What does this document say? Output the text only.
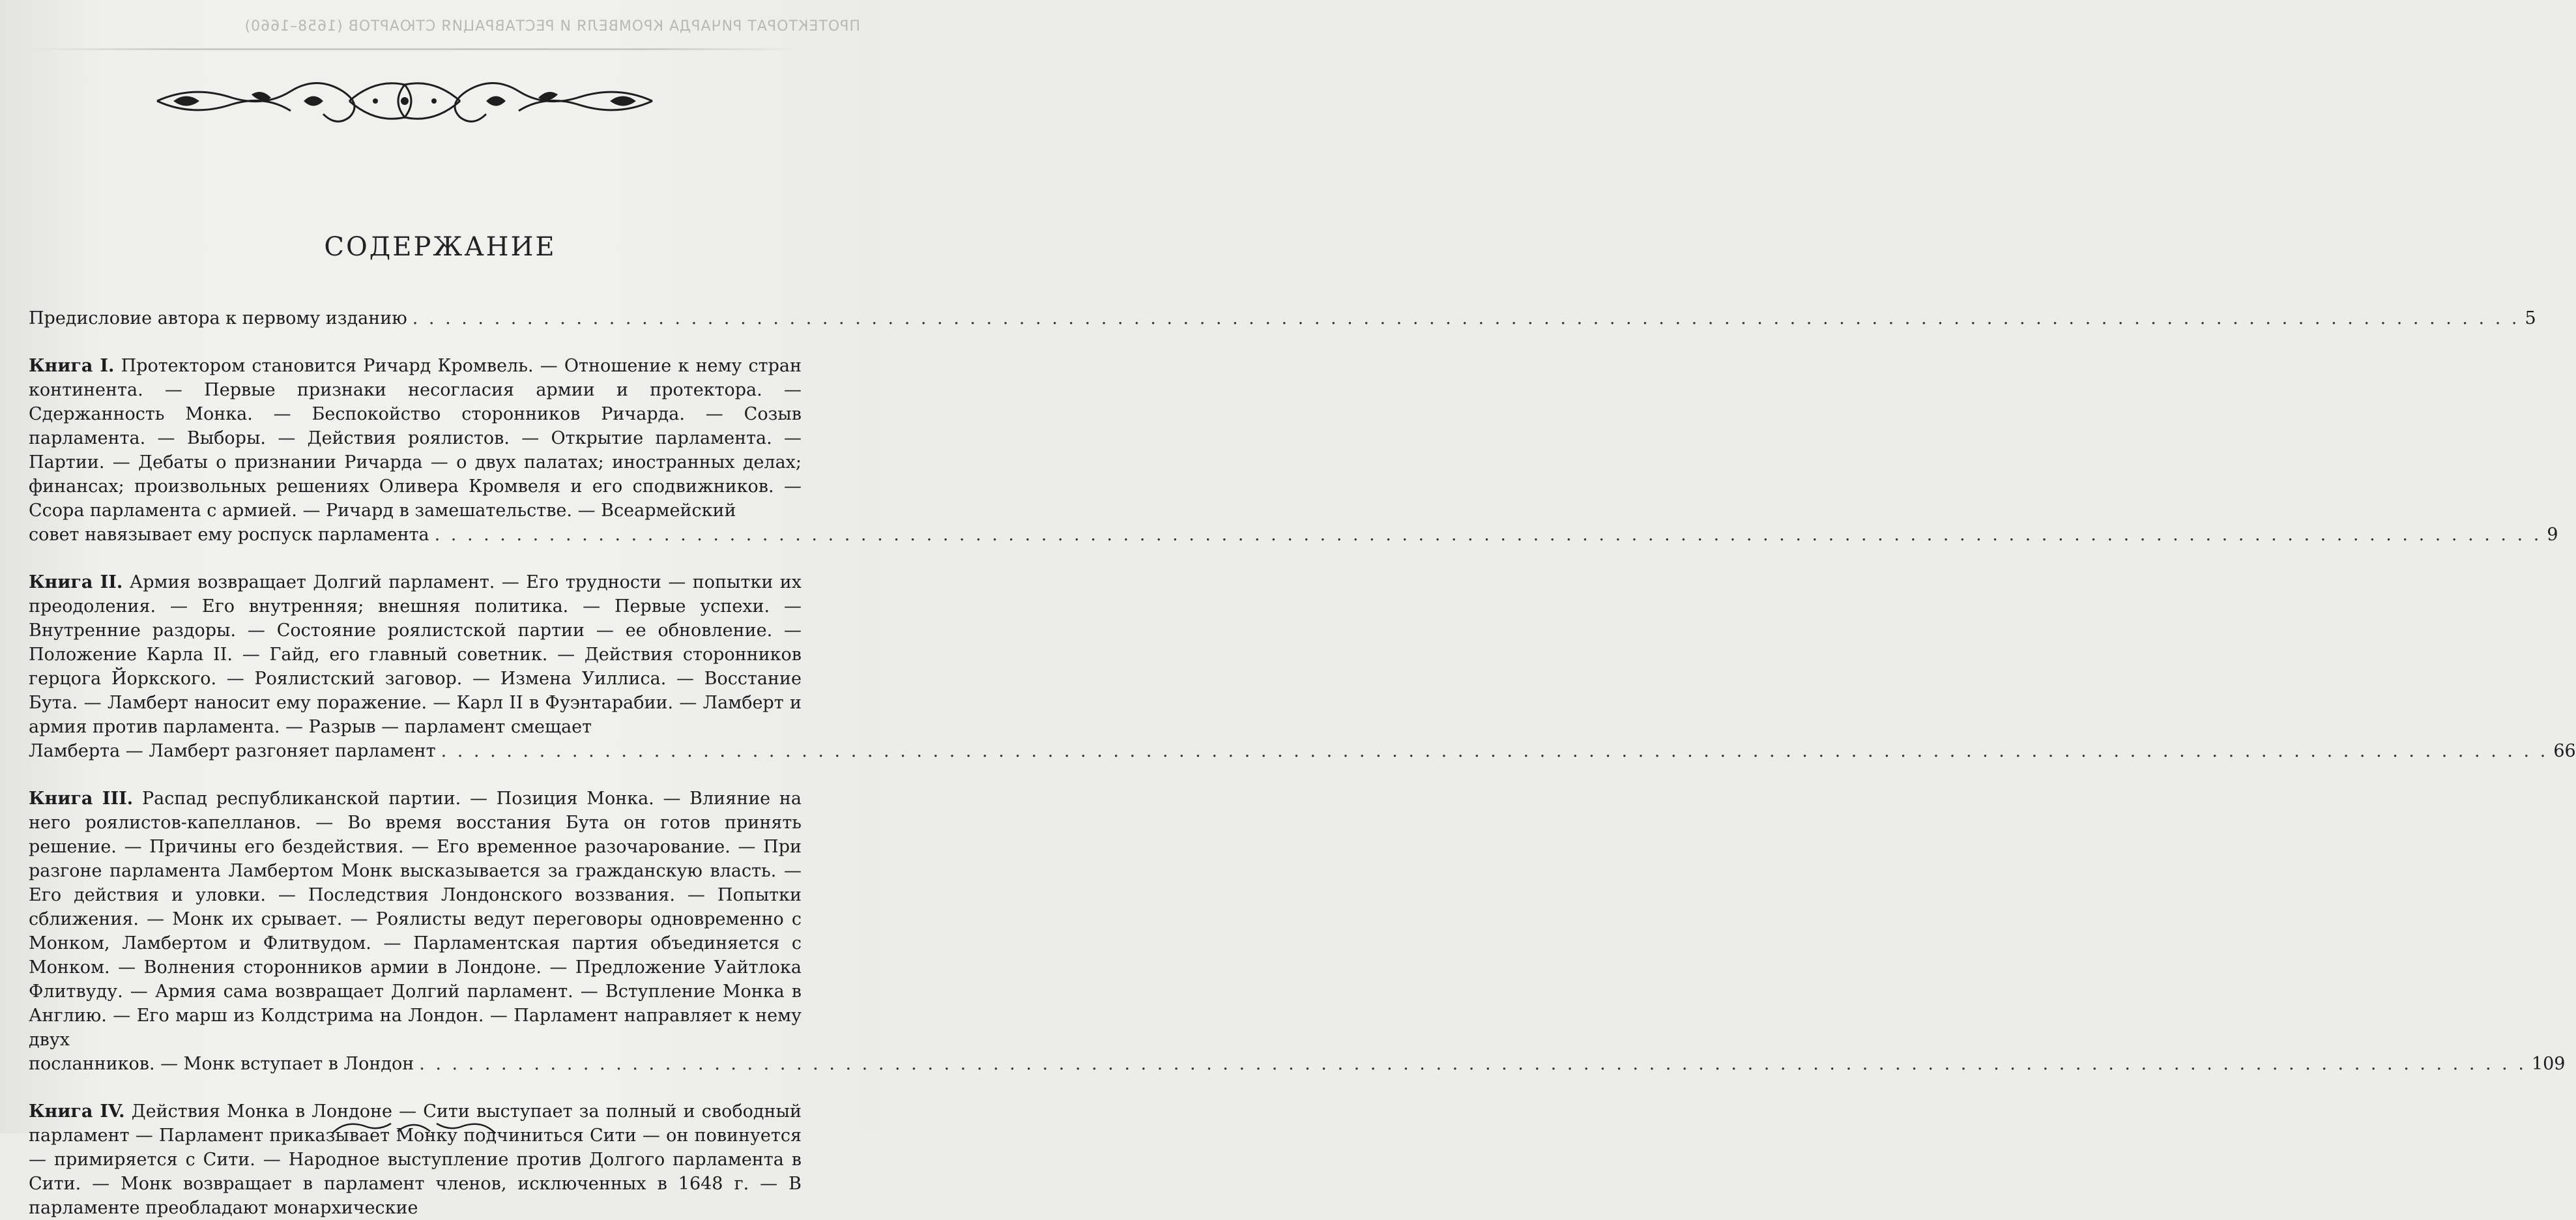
ПРОТЕКТОРАТ РИЧАРДА КРОМВЕЛЯ И РЕСТАВРАЦИЯ СТЮАРТОВ (1658–1660)
СОДЕРЖАНИЕ
Предисловие автора к первому изданию . . .	5
Книга I. Протектором становится Ричард Кромвель. — Отношение к нему стран континента. — Первые признаки несогласия армии и протектора. — Сдержанность Монка. — Беспокойство сторонников Ричарда. — Созыв парламента. — Выборы. — Действия роялистов. — Открытие парламента. — Партии. — Дебаты о признании Ричарда — о двух палатах; иностранных делах; финансах; произвольных решениях Оливера Кромвеля и его сподвижников. — Ссора парламента с армией. — Ричард в замешательстве. — Всеармейский
совет навязывает ему роспуск парламента . . .	9
Книга II. Армия возвращает Долгий парламент. — Его трудности — попытки их преодоления. — Его внутренняя; внешняя политика. — Первые успехи. — Внутренние раздоры. — Состояние роялистской партии — ее обновление. — Положение Карла II. — Гайд, его главный советник. — Действия сторонников герцога Йоркского. — Роялистский заговор. — Измена Уиллиса. — Восстание Бута. — Ламберт наносит ему поражение. — Карл II в Фуэнтарабии. — Ламберт и армия против парламента. — Разрыв — парламент смещает
Ламберта — Ламберт разгоняет парламент . . .	66
Книга III. Распад республиканской партии. — Позиция Монка. — Влияние на него роялистов-капелланов. — Во время восстания Бута он готов принять решение. — Причины его бездействия. — Его временное разочарование. — При разгоне парламента Ламбертом Монк высказывается за гражданскую власть. — Его действия и уловки. — Последствия Лондонского воззвания. — Попытки сближения. — Монк их срывает. — Роялисты ведут переговоры одновременно с Монком, Ламбертом и Флитвудом. — Парламентская партия объединяется с Монком. — Волнения сторонников армии в Лондоне. — Предложение Уайтлока Флитвуду. — Армия сама возвращает Долгий парламент. — Вступление Монка в Англию. — Его марш из Колдстрима на Лондон. — Парламент направляет к нему двух
посланников. — Монк вступает в Лондон . . .	109
Книга IV. Действия Монка в Лондоне — Сити выступает за полный и свободный парламент — Парламент приказывает Монку подчиниться Сити — он повинуется — примиряется с Сити. — Народное выступление против Долгого парламента в Сити. — Монк возвращает в парламент членов, исключенных в 1648 г. — В парламенте преобладают монархические
